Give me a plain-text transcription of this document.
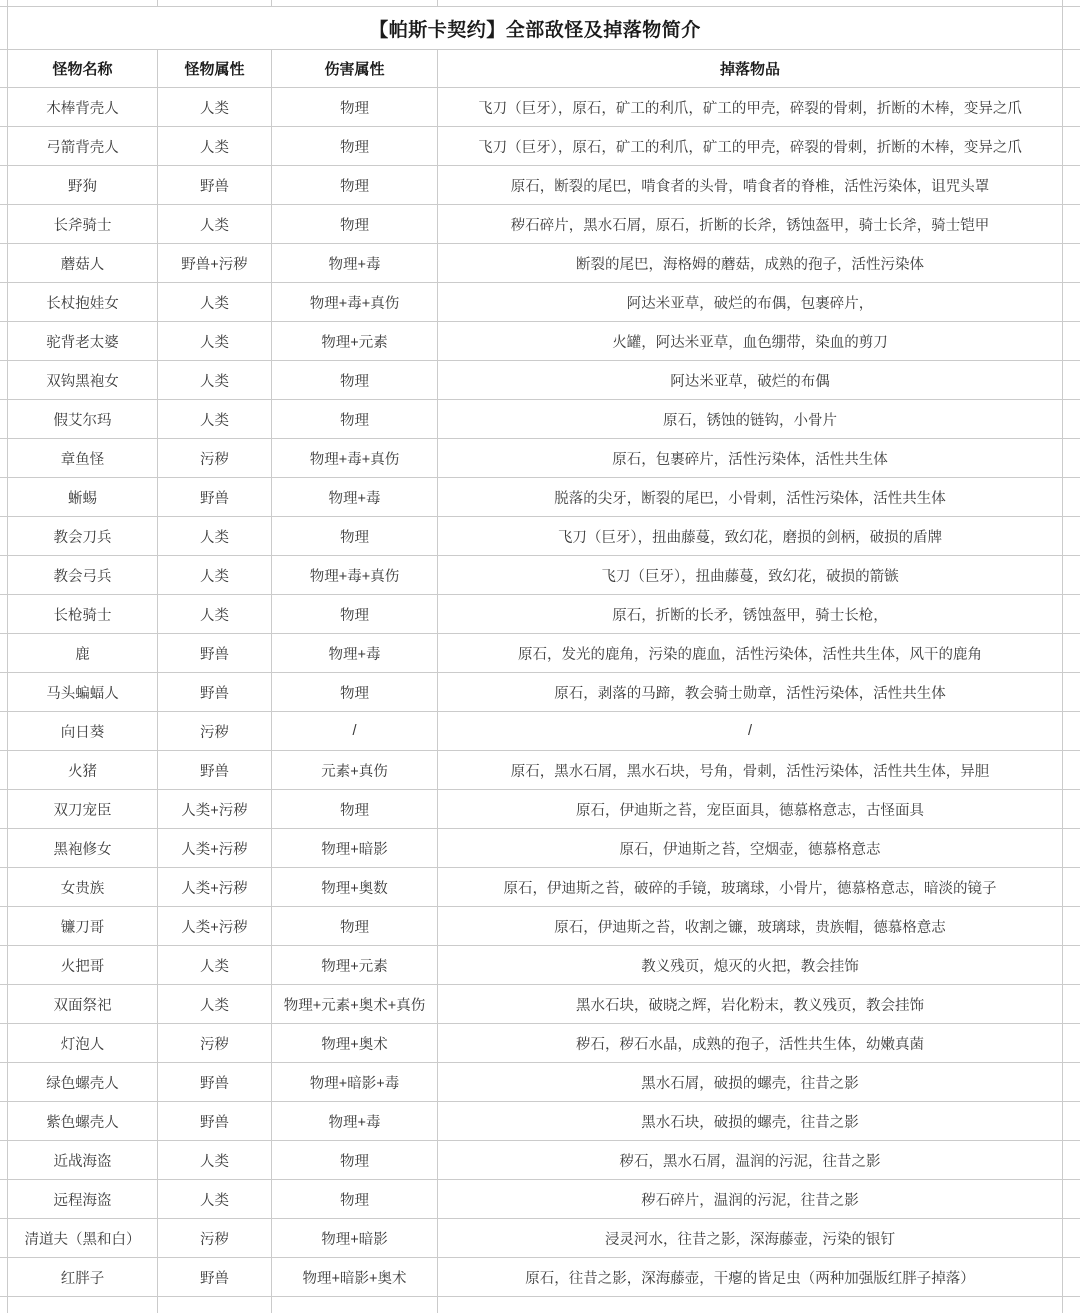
【帕斯卡契约】全部敌怪及掉落物简介
怪物名称	怪物属性	伤害属性	掉落物品
木棒背壳人	人类	物理	飞刀（巨牙），原石，矿工的利爪，矿工的甲壳，碎裂的骨刺，折断的木棒，变异之爪
弓箭背壳人	人类	物理	飞刀（巨牙），原石，矿工的利爪，矿工的甲壳，碎裂的骨刺，折断的木棒，变异之爪
野狗	野兽	物理	原石，断裂的尾巴，啃食者的头骨，啃食者的脊椎，活性污染体，诅咒头罩
长斧骑士	人类	物理	秽石碎片，黑水石屑，原石，折断的长斧，锈蚀盔甲，骑士长斧，骑士铠甲
蘑菇人	野兽+污秽	物理+毒	断裂的尾巴，海格姆的蘑菇，成熟的孢子，活性污染体
长杖抱娃女	人类	物理+毒+真伤	阿达米亚草，破烂的布偶，包裹碎片，
驼背老太婆	人类	物理+元素	火罐，阿达米亚草，血色绷带，染血的剪刀
双钩黑袍女	人类	物理	阿达米亚草，破烂的布偶
假艾尔玛	人类	物理	原石，锈蚀的链钩，小骨片
章鱼怪	污秽	物理+毒+真伤	原石，包裹碎片，活性污染体，活性共生体
蜥蜴	野兽	物理+毒	脱落的尖牙，断裂的尾巴，小骨刺，活性污染体，活性共生体
教会刀兵	人类	物理	飞刀（巨牙），扭曲藤蔓，致幻花，磨损的剑柄，破损的盾牌
教会弓兵	人类	物理+毒+真伤	飞刀（巨牙），扭曲藤蔓，致幻花，破损的箭镞
长枪骑士	人类	物理	原石，折断的长矛，锈蚀盔甲，骑士长枪，
鹿	野兽	物理+毒	原石，发光的鹿角，污染的鹿血，活性污染体，活性共生体，风干的鹿角
马头蝙蝠人	野兽	物理	原石，剥落的马蹄，教会骑士勋章，活性污染体，活性共生体
向日葵	污秽	/	/
火猪	野兽	元素+真伤	原石，黑水石屑，黑水石块，号角，骨刺，活性污染体，活性共生体，异胆
双刀宠臣	人类+污秽	物理	原石，伊迪斯之苔，宠臣面具，德慕格意志，古怪面具
黑袍修女	人类+污秽	物理+暗影	原石，伊迪斯之苔，空烟壶，德慕格意志
女贵族	人类+污秽	物理+奥数	原石，伊迪斯之苔，破碎的手镜，玻璃球，小骨片，德慕格意志，暗淡的镜子
镰刀哥	人类+污秽	物理	原石，伊迪斯之苔，收割之镰，玻璃球，贵族帽，德慕格意志
火把哥	人类	物理+元素	教义残页，熄灭的火把，教会挂饰
双面祭祀	人类	物理+元素+奥术+真伤	黑水石块，破晓之辉，岩化粉末，教义残页，教会挂饰
灯泡人	污秽	物理+奥术	秽石，秽石水晶，成熟的孢子，活性共生体，幼嫩真菌
绿色螺壳人	野兽	物理+暗影+毒	黑水石屑，破损的螺壳，往昔之影
紫色螺壳人	野兽	物理+毒	黑水石块，破损的螺壳，往昔之影
近战海盗	人类	物理	秽石，黑水石屑，温润的污泥，往昔之影
远程海盗	人类	物理	秽石碎片，温润的污泥，往昔之影
清道夫（黑和白）	污秽	物理+暗影	浸灵河水，往昔之影，深海藤壶，污染的银钉
红胖子	野兽	物理+暗影+奥术	原石，往昔之影，深海藤壶，干瘪的皆足虫（两种加强版红胖子掉落）
